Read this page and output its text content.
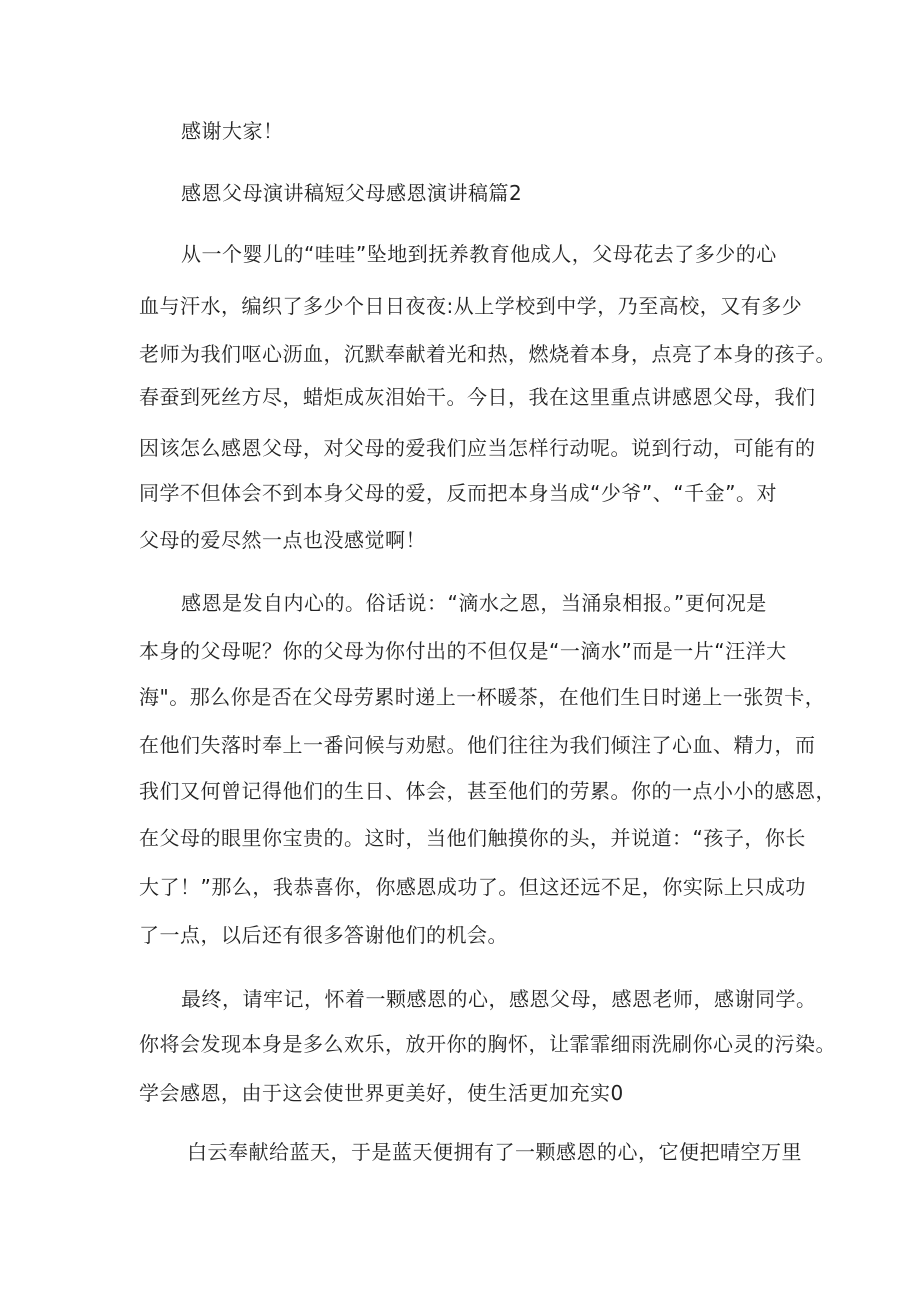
感谢大家！
感恩父母演讲稿短父母感恩演讲稿篇2
从一个婴儿的“哇哇”坠地到抚养教育他成人，父母花去了多少的心
血与汗水，编织了多少个日日夜夜:从上学校到中学，乃至高校，又有多少
老师为我们呕心沥血，沉默奉献着光和热，燃烧着本身，点亮了本身的孩子。
春蚕到死丝方尽，蜡炬成灰泪始干。今日，我在这里重点讲感恩父母，我们
因该怎么感恩父母，对父母的爱我们应当怎样行动呢。说到行动，可能有的
同学不但体会不到本身父母的爱，反而把本身当成“少爷”、“千金”。对
父母的爱尽然一点也没感觉啊！
感恩是发自内心的。俗话说：“滴水之恩，当涌泉相报。”更何况是
本身的父母呢？你的父母为你付出的不但仅是“一滴水”而是一片“汪洋大
海"。那么你是否在父母劳累时递上一杯暖茶，在他们生日时递上一张贺卡，
在他们失落时奉上一番问候与劝慰。他们往往为我们倾注了心血、精力，而
我们又何曾记得他们的生日、体会，甚至他们的劳累。你的一点小小的感恩，
在父母的眼里你宝贵的。这时，当他们触摸你的头，并说道：“孩子，你长
大了！”那么，我恭喜你，你感恩成功了。但这还远不足，你实际上只成功
了一点，以后还有很多答谢他们的机会。
最终，请牢记，怀着一颗感恩的心，感恩父母，感恩老师，感谢同学。
你将会发现本身是多么欢乐，放开你的胸怀，让霏霏细雨洗刷你心灵的污染。
学会感恩，由于这会使世界更美好，使生活更加充实0
白云奉献给蓝天，于是蓝天便拥有了一颗感恩的心，它便把晴空万里
